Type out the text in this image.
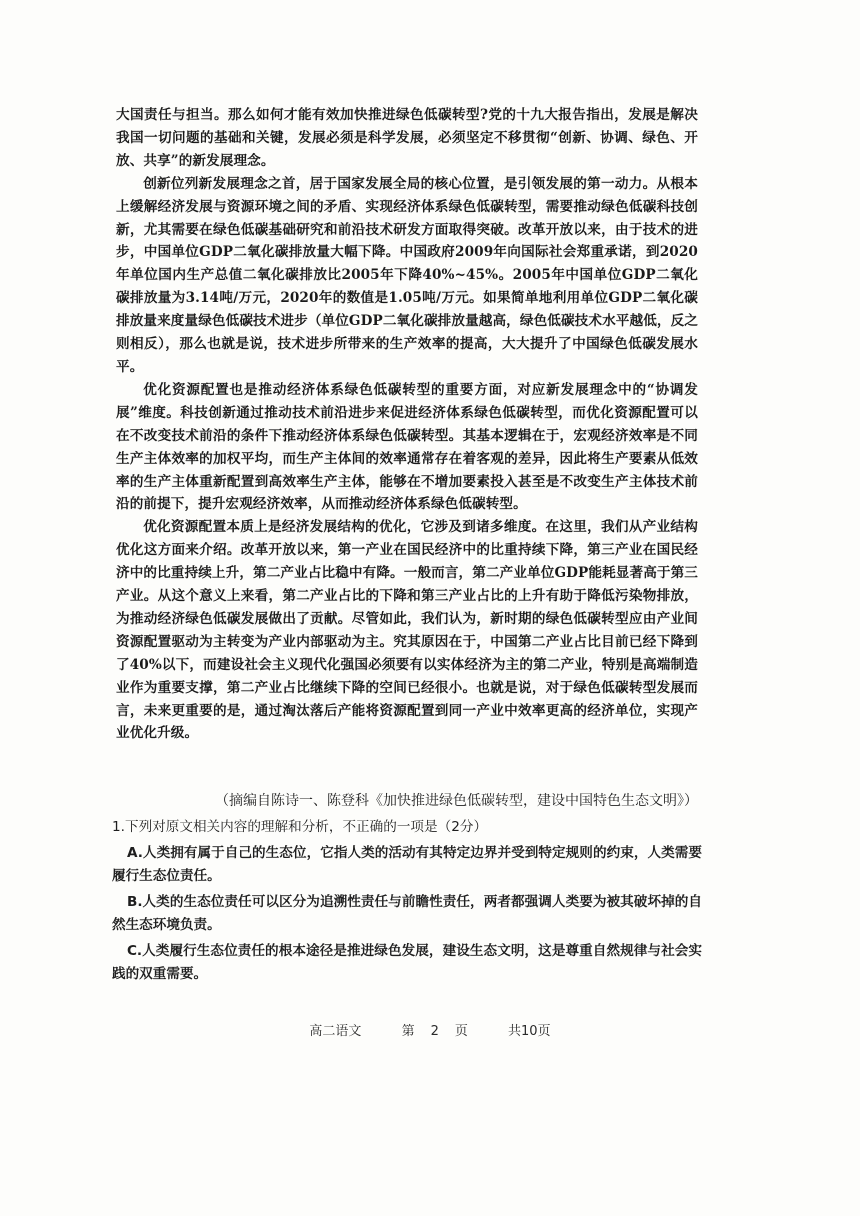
大国责任与担当。那么如何才能有效加快推进绿色低碳转型?党的十九大报告指出，发展是解决我国一切问题的基础和关键，发展必须是科学发展，必须坚定不移贯彻“创新、协调、绿色、开放、共享”的新发展理念。

创新位列新发展理念之首，居于国家发展全局的核心位置，是引领发展的第一动力。从根本上缓解经济发展与资源环境之间的矛盾、实现经济体系绿色低碳转型，需要推动绿色低碳科技创新，尤其需要在绿色低碳基础研究和前沿技术研发方面取得突破。改革开放以来，由于技术的进步，中国单位GDP二氧化碳排放量大幅下降。中国政府2009年向国际社会郑重承诺，到2020年单位国内生产总值二氧化碳排放比2005年下降40%~45%。2005年中国单位GDP二氧化碳排放量为3.14吨/万元，2020年的数值是1.05吨/万元。如果简单地利用单位GDP二氧化碳排放量来度量绿色低碳技术进步（单位GDP二氧化碳排放量越高，绿色低碳技术水平越低，反之则相反），那么也就是说，技术进步所带来的生产效率的提高，大大提升了中国绿色低碳发展水平。

优化资源配置也是推动经济体系绿色低碳转型的重要方面，对应新发展理念中的“协调发展”维度。科技创新通过推动技术前沿进步来促进经济体系绿色低碳转型，而优化资源配置可以在不改变技术前沿的条件下推动经济体系绿色低碳转型。其基本逻辑在于，宏观经济效率是不同生产主体效率的加权平均，而生产主体间的效率通常存在着客观的差异，因此将生产要素从低效率的生产主体重新配置到高效率生产主体，能够在不增加要素投入甚至是不改变生产主体技术前沿的前提下，提升宏观经济效率，从而推动经济体系绿色低碳转型。

优化资源配置本质上是经济发展结构的优化，它涉及到诸多维度。在这里，我们从产业结构优化这方面来介绍。改革开放以来，第一产业在国民经济中的比重持续下降，第三产业在国民经济中的比重持续上升，第二产业占比稳中有降。一般而言，第二产业单位GDP能耗显著高于第三产业。从这个意义上来看，第二产业占比的下降和第三产业占比的上升有助于降低污染物排放，为推动经济绿色低碳发展做出了贡献。尽管如此，我们认为，新时期的绿色低碳转型应由产业间资源配置驱动为主转变为产业内部驱动为主。究其原因在于，中国第二产业占比目前已经下降到了40%以下，而建设社会主义现代化强国必须要有以实体经济为主的第二产业，特别是高端制造业作为重要支撑，第二产业占比继续下降的空间已经很小。也就是说，对于绿色低碳转型发展而言，未来更重要的是，通过淘汰落后产能将资源配置到同一产业中效率更高的经济单位，实现产业优化升级。

（摘编自陈诗一、陈登科《加快推进绿色低碳转型，建设中国特色生态文明》）

1.下列对原文相关内容的理解和分析，不正确的一项是（2分）

A.人类拥有属于自己的生态位，它指人类的活动有其特定边界并受到特定规则的约束，人类需要履行生态位责任。

B.人类的生态位责任可以区分为追溯性责任与前瞻性责任，两者都强调人类要为被其破坏掉的自然生态环境负责。

C.人类履行生态位责任的根本途径是推进绿色发展，建设生态文明，这是尊重自然规律与社会实践的双重需要。

高二语文	第 2 页	共10页
